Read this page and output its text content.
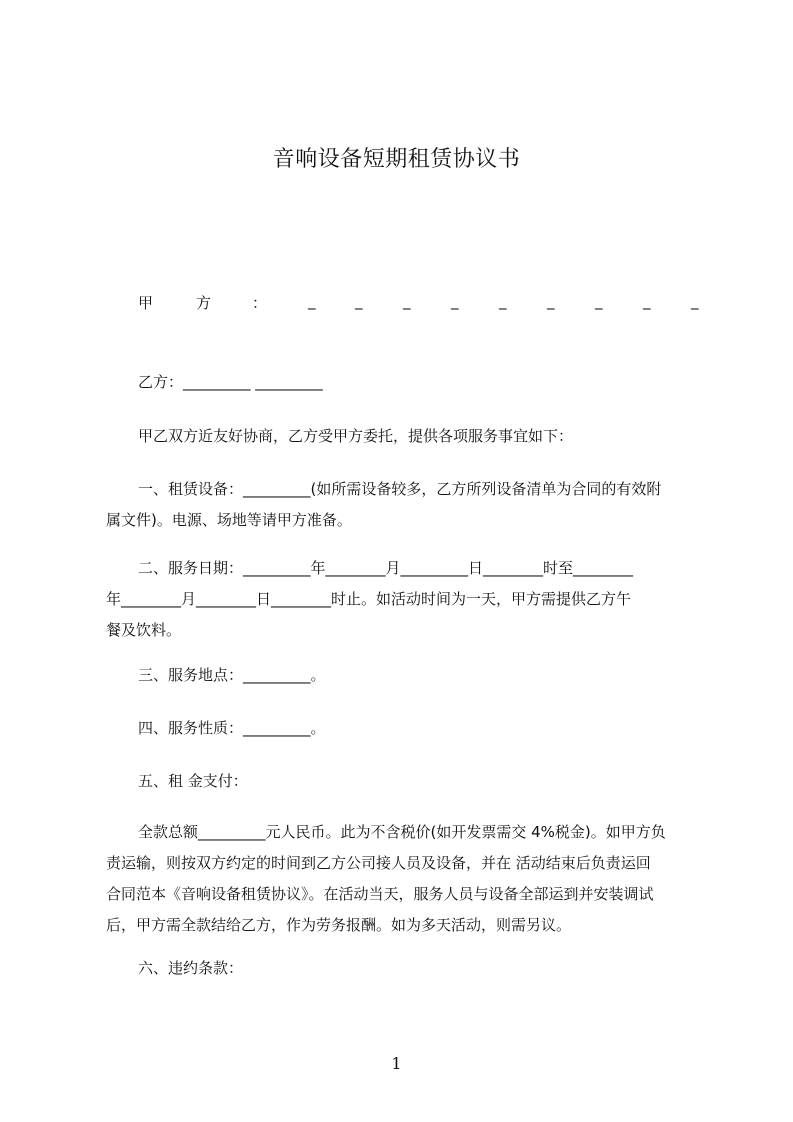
音响设备短期租赁协议书
甲	方	：	_	_	_	_	_	_	_	_	_
乙方：_________ _________
甲乙双方近友好协商，乙方受甲方委托，提供各项服务事宜如下：
一、租赁设备：_________(如所需设备较多，乙方所列设备清单为合同的有效附
属文件)。电源、场地等请甲方准备。
二、服务日期：_________年________月_________日________时至________
年________月________日________时止。如活动时间为一天，甲方需提供乙方午
餐及饮料。
三、服务地点：_________。
四、服务性质：_________。
五、租 金支付：
全款总额_________元人民币。此为不含税价(如开发票需交 4%税金)。如甲方负
责运输，则按双方约定的时间到乙方公司接人员及设备，并在 活动结束后负责运回
合同范本《音响设备租赁协议》。在活动当天，服务人员与设备全部运到并安装调试
后，甲方需全款结给乙方，作为劳务报酬。如为多天活动，则需另议。
六、违约条款：
1
